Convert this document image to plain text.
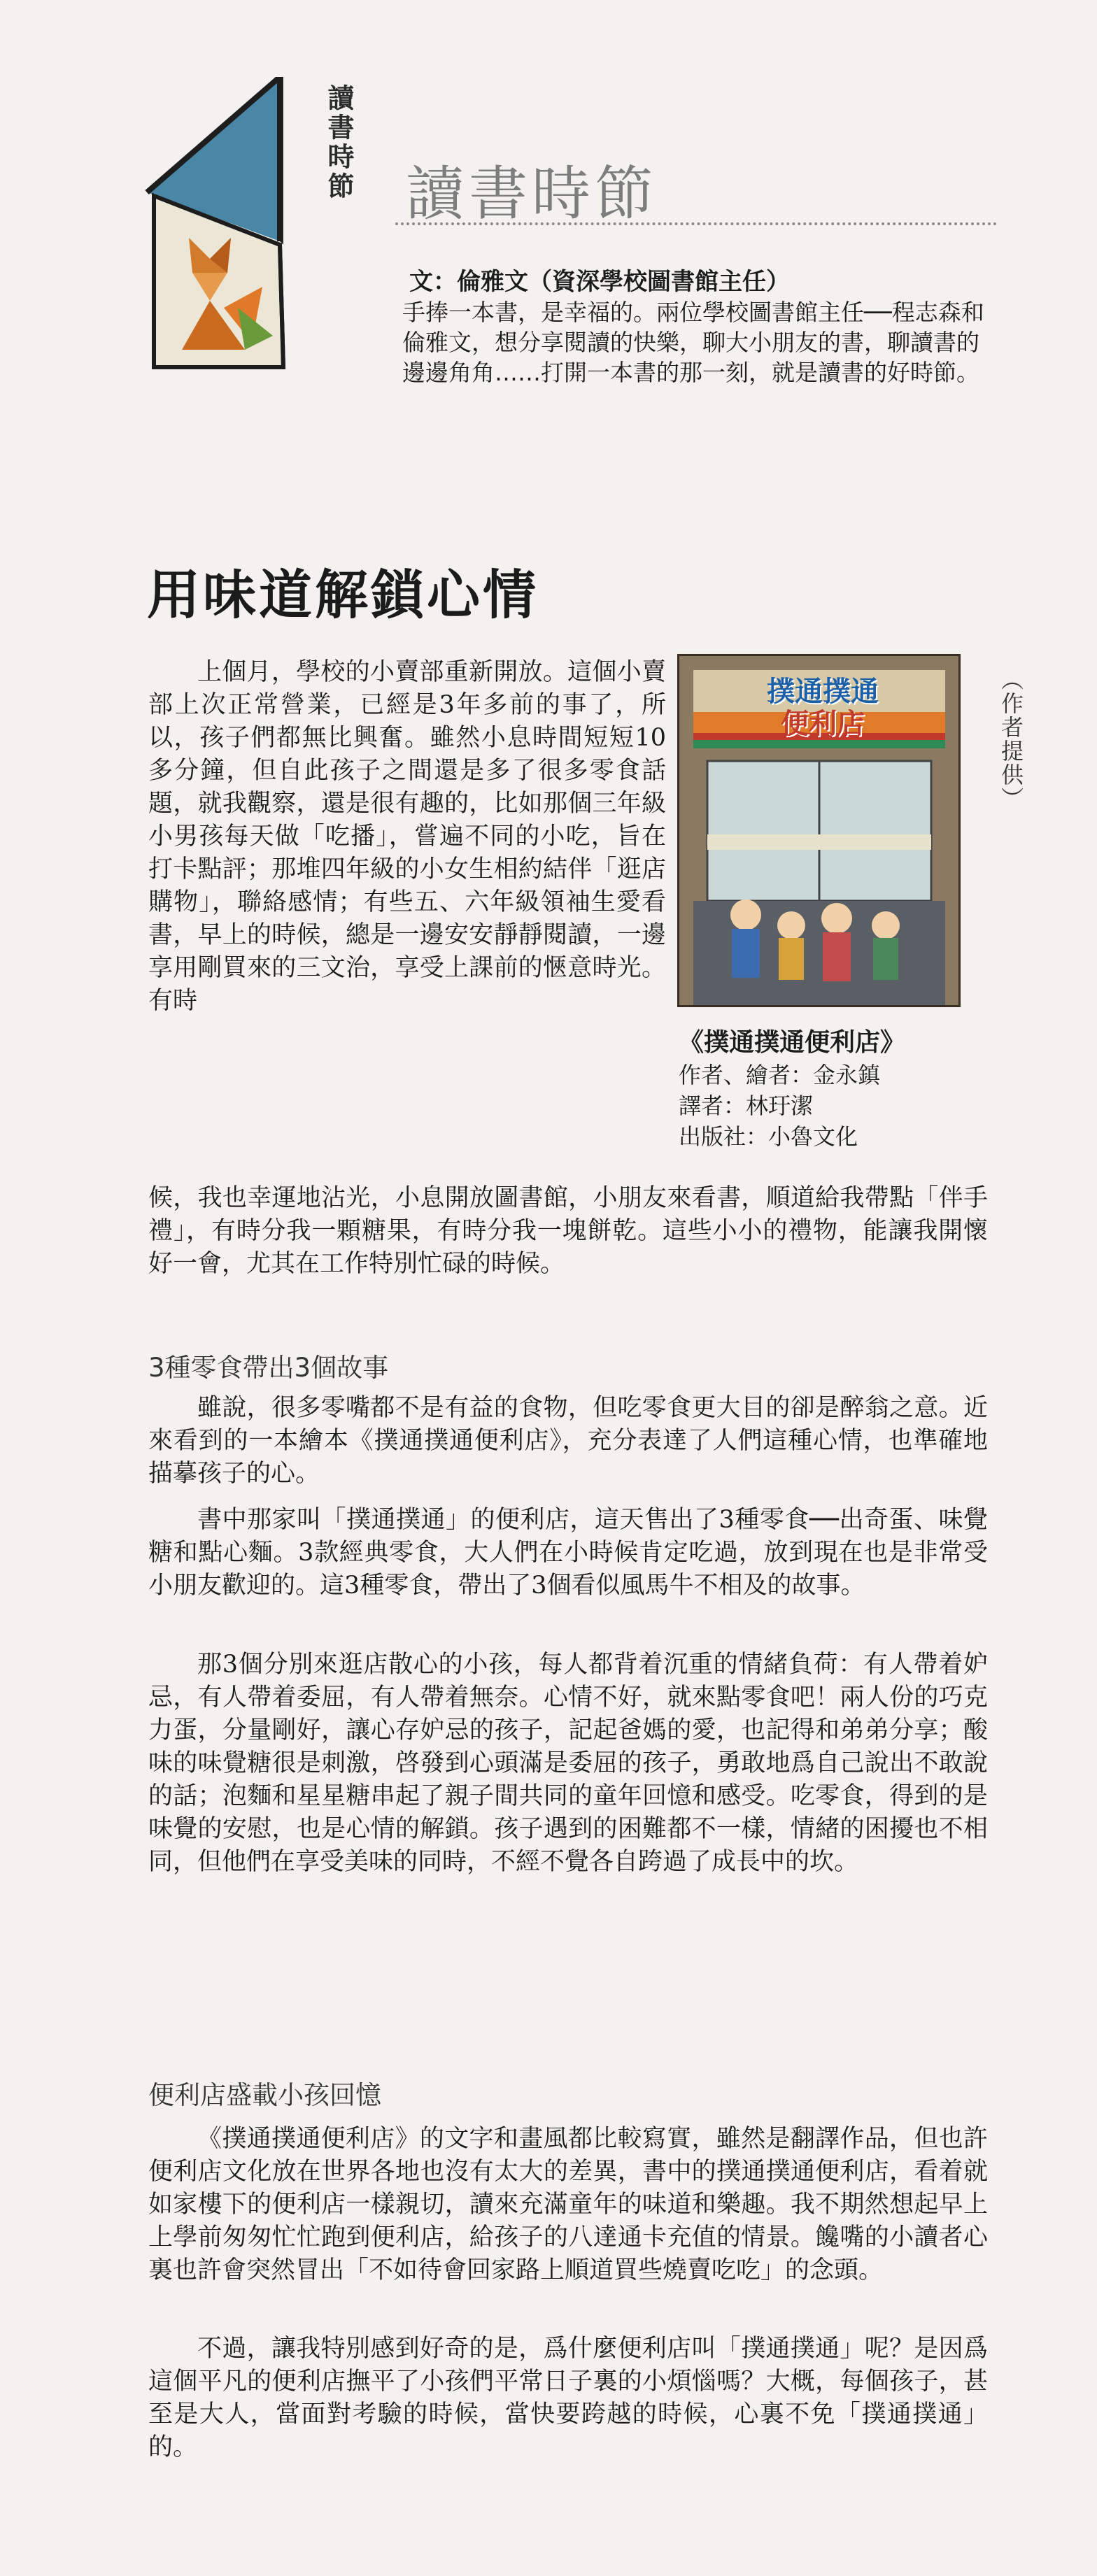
讀書時節 讀書時節
文：倫雅文（資深學校圖書館主任）
手捧一本書，是幸福的。兩位學校圖書館主任──程志森和倫雅文，想分享閱讀的快樂，聊大小朋友的書，聊讀書的邊邊角角……打開一本書的那一刻，就是讀書的好時節。
用味道解鎖心情
撲通撲通
便利店	（作者提供）
《撲通撲通便利店》
作者、繪者：金永鎮
譯者：林玗潔
出版社：小魯文化
上個月，學校的小賣部重新開放。這個小賣部上次正常營業，已經是3年多前的事了，所以，孩子們都無比興奮。雖然小息時間短短10多分鐘，但自此孩子之間還是多了很多零食話題，就我觀察，還是很有趣的，比如那個三年級小男孩每天做「吃播」，嘗遍不同的小吃，旨在打卡點評；那堆四年級的小女生相約結伴「逛店購物」，聯絡感情；有些五、六年級領袖生愛看書，早上的時候，總是一邊安安靜靜閱讀，一邊享用剛買來的三文治，享受上課前的愜意時光。有時
候，我也幸運地沾光，小息開放圖書館，小朋友來看書，順道給我帶點「伴手禮」，有時分我一顆糖果，有時分我一塊餅乾。這些小小的禮物，能讓我開懷好一會，尤其在工作特別忙碌的時候。
3種零食帶出3個故事
雖說，很多零嘴都不是有益的食物，但吃零食更大目的卻是醉翁之意。近來看到的一本繪本《撲通撲通便利店》，充分表達了人們這種心情，也準確地描摹孩子的心。
書中那家叫「撲通撲通」的便利店，這天售出了3種零食──出奇蛋、味覺糖和點心麵。3款經典零食，大人們在小時候肯定吃過，放到現在也是非常受小朋友歡迎的。這3種零食，帶出了3個看似風馬牛不相及的故事。
那3個分別來逛店散心的小孩，每人都背着沉重的情緒負荷：有人帶着妒忌，有人帶着委屈，有人帶着無奈。心情不好，就來點零食吧！兩人份的巧克力蛋，分量剛好，讓心存妒忌的孩子，記起爸媽的愛，也記得和弟弟分享；酸味的味覺糖很是刺激，啓發到心頭滿是委屈的孩子，勇敢地爲自己說出不敢說的話；泡麵和星星糖串起了親子間共同的童年回憶和感受。吃零食，得到的是味覺的安慰，也是心情的解鎖。孩子遇到的困難都不一樣，情緒的困擾也不相同，但他們在享受美味的同時，不經不覺各自跨過了成長中的坎。
便利店盛載小孩回憶
《撲通撲通便利店》的文字和畫風都比較寫實，雖然是翻譯作品，但也許便利店文化放在世界各地也沒有太大的差異，書中的撲通撲通便利店，看着就如家樓下的便利店一樣親切，讀來充滿童年的味道和樂趣。我不期然想起早上上學前匆匆忙忙跑到便利店，給孩子的八達通卡充值的情景。饞嘴的小讀者心裏也許會突然冒出「不如待會回家路上順道買些燒賣吃吃」的念頭。
不過，讓我特別感到好奇的是，爲什麼便利店叫「撲通撲通」呢？是因爲這個平凡的便利店撫平了小孩們平常日子裏的小煩惱嗎？大概，每個孩子，甚至是大人，當面對考驗的時候，當快要跨越的時候，心裏不免「撲通撲通」的。
